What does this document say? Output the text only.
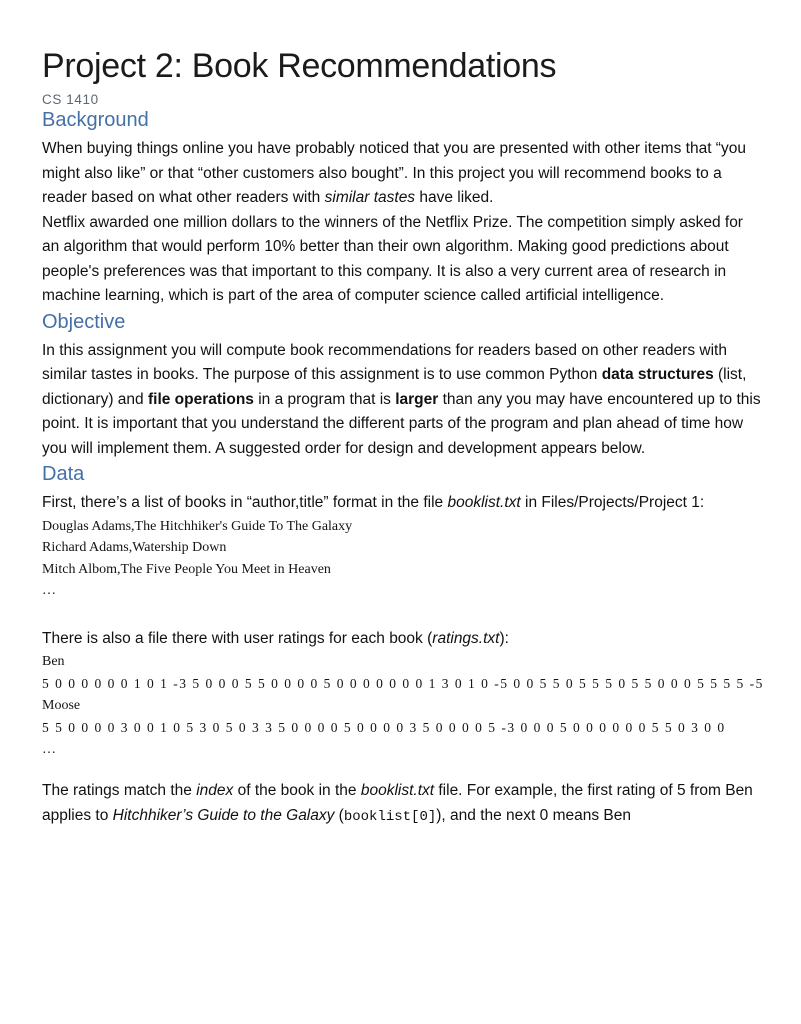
Project 2: Book Recommendations
CS 1410
Background

When buying things online you have probably noticed that you are presented with other items that “you might also like” or that “other customers also bought”. In this project you will recommend books to a reader based on what other readers with similar tastes have liked.

Netflix awarded one million dollars to the winners of the Netflix Prize. The competition simply asked for an algorithm that would perform 10% better than their own algorithm. Making good predictions about people's preferences was that important to this company. It is also a very current area of research in machine learning, which is part of the area of computer science called artificial intelligence.

Objective

In this assignment you will compute book recommendations for readers based on other readers with similar tastes in books. The purpose of this assignment is to use common Python data structures (list, dictionary) and file operations in a program that is larger than any you may have encountered up to this point. It is important that you understand the different parts of the program and plan ahead of time how you will implement them. A suggested order for design and development appears below.

Data

First, there’s a list of books in “author,title” format in the file booklist.txt in Files/Projects/Project 1:

Douglas Adams,The Hitchhiker's Guide To The Galaxy
Richard Adams,Watership Down
Mitch Albom,The Five People You Meet in Heaven
…

There is also a file there with user ratings for each book (ratings.txt):

Ben
5 0 0 0 0 0 0 1 0 1 -3 5 0 0 0 5 5 0 0 0 0 5 0 0 0 0 0 0 0 1 3 0 1 0 -5 0 0 5 5 0 5 5 5 0 5 5 0 0 0 5 5 5 5 -5
Moose
5 5 0 0 0 0 3 0 0 1 0 5 3 0 5 0 3 3 5 0 0 0 0 5 0 0 0 0 3 5 0 0 0 0 5 -3 0 0 0 5 0 0 0 0 0 0 5 5 0 3 0 0
…

The ratings match the index of the book in the booklist.txt file. For example, the first rating of 5 from Ben applies to Hitchhiker’s Guide to the Galaxy (booklist[0]), and the next 0 means Ben
